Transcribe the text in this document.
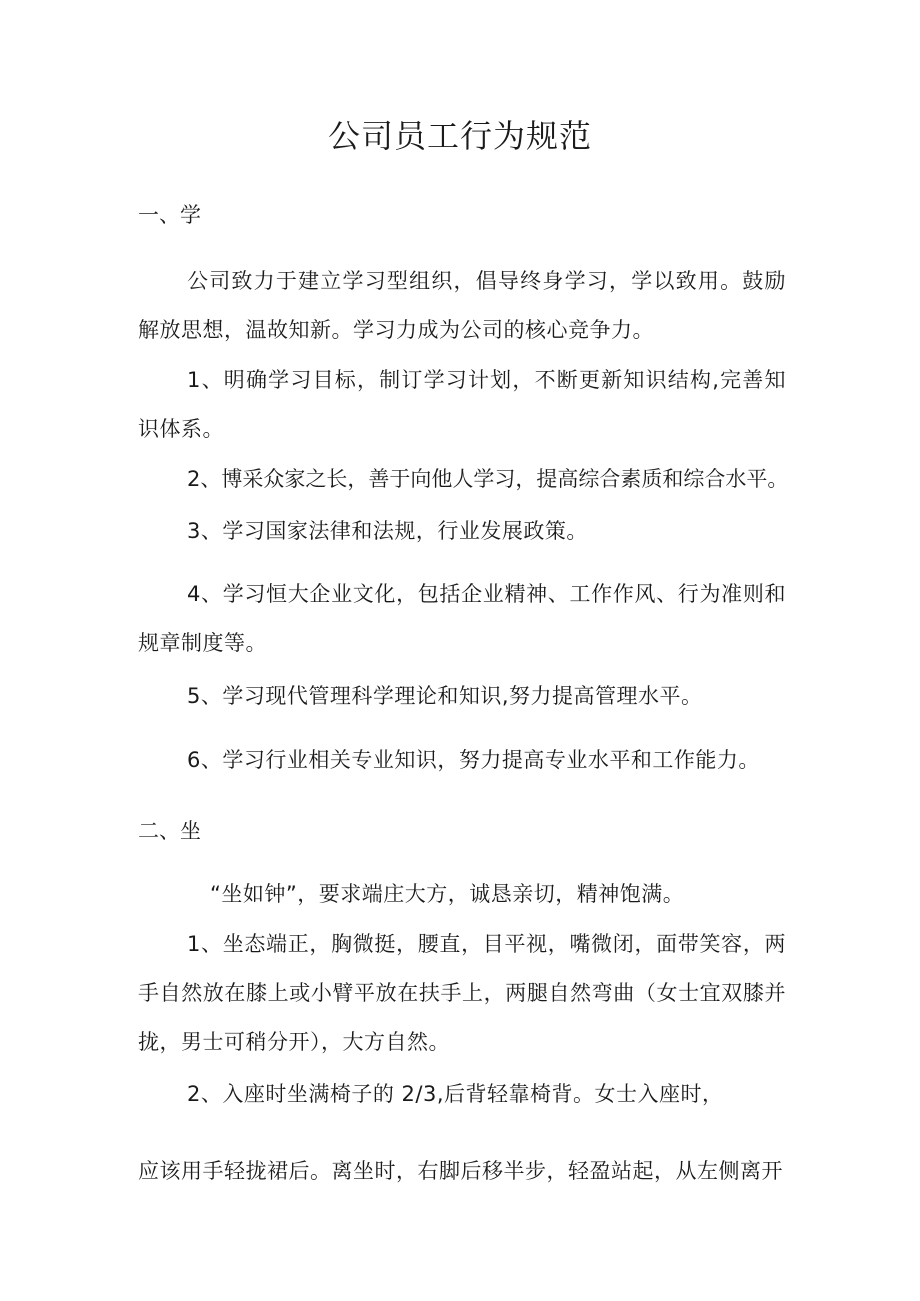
公司员工行为规范

一、学

公司致力于建立学习型组织，倡导终身学习，学以致用。鼓励解放思想，温故知新。学习力成为公司的核心竞争力。

1、明确学习目标，制订学习计划，不断更新知识结构,完善知识体系。

2、博采众家之长，善于向他人学习，提高综合素质和综合水平。

3、学习国家法律和法规，行业发展政策。

4、学习恒大企业文化，包括企业精神、工作作风、行为准则和规章制度等。

5、学习现代管理科学理论和知识,努力提高管理水平。

6、学习行业相关专业知识，努力提高专业水平和工作能力。

二、坐

“坐如钟”，要求端庄大方，诚恳亲切，精神饱满。

1、坐态端正，胸微挺，腰直，目平视，嘴微闭，面带笑容，两手自然放在膝上或小臂平放在扶手上，两腿自然弯曲（女士宜双膝并拢，男士可稍分开），大方自然。

2、入座时坐满椅子的 2/3,后背轻靠椅背。女士入座时，

应该用手轻拢裙后。离坐时，右脚后移半步，轻盈站起，从左侧离开
